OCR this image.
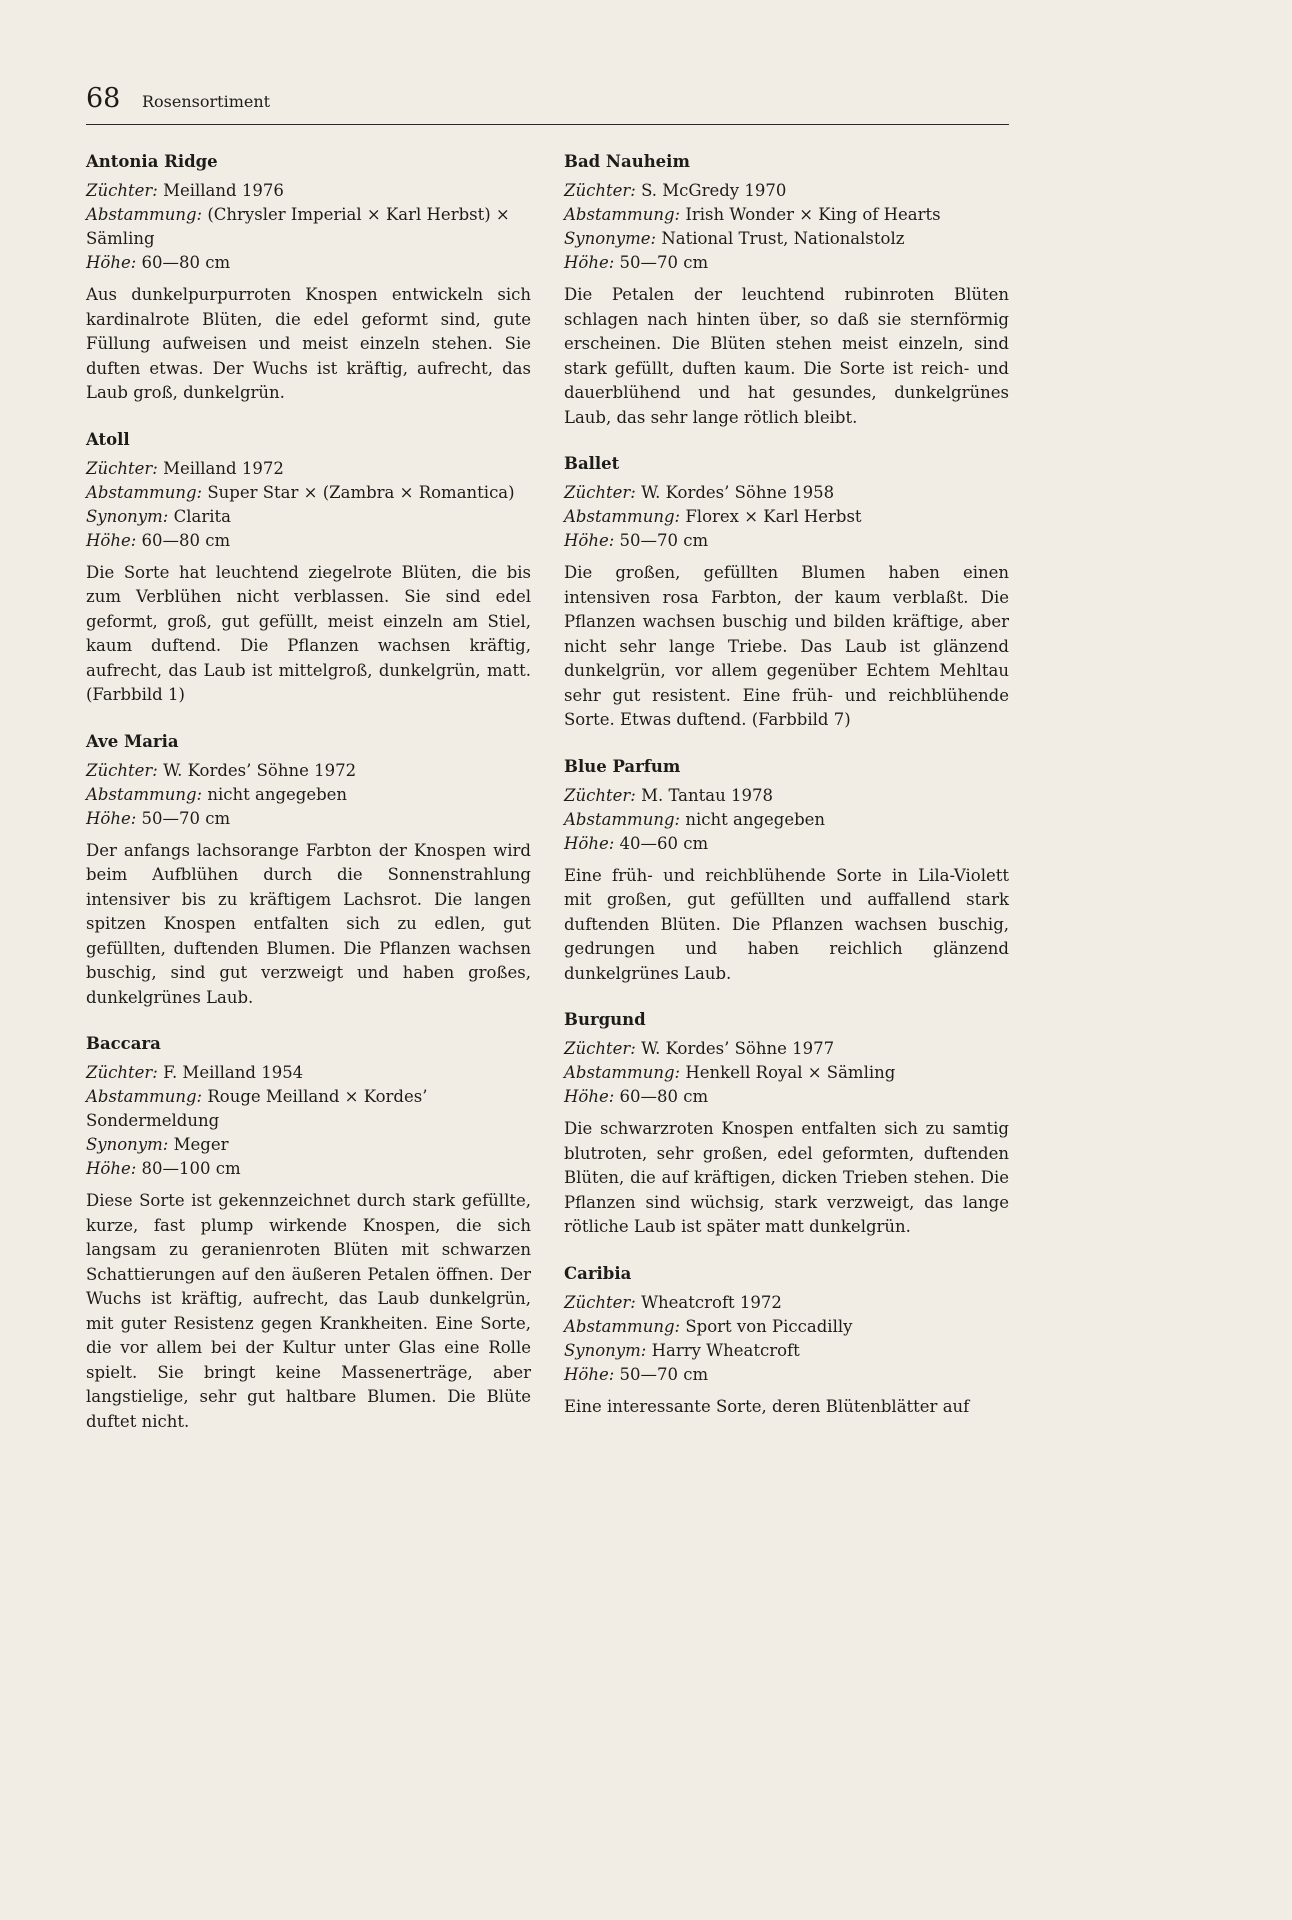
68 Rosensortiment
Antonia Ridge
Züchter: Meilland 1976
Abstammung: (Chrysler Imperial × Karl Herbst) × Sämling
Höhe: 60—80 cm
Aus dunkelpurpurroten Knospen entwickeln sich kardinalrote Blüten, die edel geformt sind, gute Füllung aufweisen und meist einzeln stehen. Sie duften etwas. Der Wuchs ist kräftig, aufrecht, das Laub groß, dunkelgrün.
Atoll
Züchter: Meilland 1972
Abstammung: Super Star × (Zambra × Romantica)
Synonym: Clarita
Höhe: 60—80 cm
Die Sorte hat leuchtend ziegelrote Blüten, die bis zum Verblühen nicht verblassen. Sie sind edel geformt, groß, gut gefüllt, meist einzeln am Stiel, kaum duftend. Die Pflanzen wachsen kräftig, aufrecht, das Laub ist mittelgroß, dunkelgrün, matt. (Farbbild 1)
Ave Maria
Züchter: W. Kordes’ Söhne 1972
Abstammung: nicht angegeben
Höhe: 50—70 cm
Der anfangs lachsorange Farbton der Knospen wird beim Aufblühen durch die Sonnenstrahlung intensiver bis zu kräftigem Lachsrot. Die langen spitzen Knospen entfalten sich zu edlen, gut gefüllten, duftenden Blumen. Die Pflanzen wachsen buschig, sind gut verzweigt und haben großes, dunkelgrünes Laub.
Baccara
Züchter: F. Meilland 1954
Abstammung: Rouge Meilland × Kordes’ Sondermeldung
Synonym: Meger
Höhe: 80—100 cm
Diese Sorte ist gekennzeichnet durch stark gefüllte, kurze, fast plump wirkende Knospen, die sich langsam zu geranienroten Blüten mit schwarzen Schattierungen auf den äußeren Petalen öffnen. Der Wuchs ist kräftig, aufrecht, das Laub dunkelgrün, mit guter Resistenz gegen Krankheiten. Eine Sorte, die vor allem bei der Kultur unter Glas eine Rolle spielt. Sie bringt keine Massenerträge, aber langstielige, sehr gut haltbare Blumen. Die Blüte duftet nicht.
Bad Nauheim
Züchter: S. McGredy 1970
Abstammung: Irish Wonder × King of Hearts
Synonyme: National Trust, Nationalstolz
Höhe: 50—70 cm
Die Petalen der leuchtend rubinroten Blüten schlagen nach hinten über, so daß sie sternförmig erscheinen. Die Blüten stehen meist einzeln, sind stark gefüllt, duften kaum. Die Sorte ist reich- und dauerblühend und hat gesundes, dunkelgrünes Laub, das sehr lange rötlich bleibt.
Ballet
Züchter: W. Kordes’ Söhne 1958
Abstammung: Florex × Karl Herbst
Höhe: 50—70 cm
Die großen, gefüllten Blumen haben einen intensiven rosa Farbton, der kaum verblaßt. Die Pflanzen wachsen buschig und bilden kräftige, aber nicht sehr lange Triebe. Das Laub ist glänzend dunkelgrün, vor allem gegenüber Echtem Mehltau sehr gut resistent. Eine früh- und reichblühende Sorte. Etwas duftend. (Farbbild 7)
Blue Parfum
Züchter: M. Tantau 1978
Abstammung: nicht angegeben
Höhe: 40—60 cm
Eine früh- und reichblühende Sorte in Lila-Violett mit großen, gut gefüllten und auffallend stark duftenden Blüten. Die Pflanzen wachsen buschig, gedrungen und haben reichlich glänzend dunkelgrünes Laub.
Burgund
Züchter: W. Kordes’ Söhne 1977
Abstammung: Henkell Royal × Sämling
Höhe: 60—80 cm
Die schwarzroten Knospen entfalten sich zu samtig blutroten, sehr großen, edel geformten, duftenden Blüten, die auf kräftigen, dicken Trieben stehen. Die Pflanzen sind wüchsig, stark verzweigt, das lange rötliche Laub ist später matt dunkelgrün.
Caribia
Züchter: Wheatcroft 1972
Abstammung: Sport von Piccadilly
Synonym: Harry Wheatcroft
Höhe: 50—70 cm
Eine interessante Sorte, deren Blütenblätter auf
